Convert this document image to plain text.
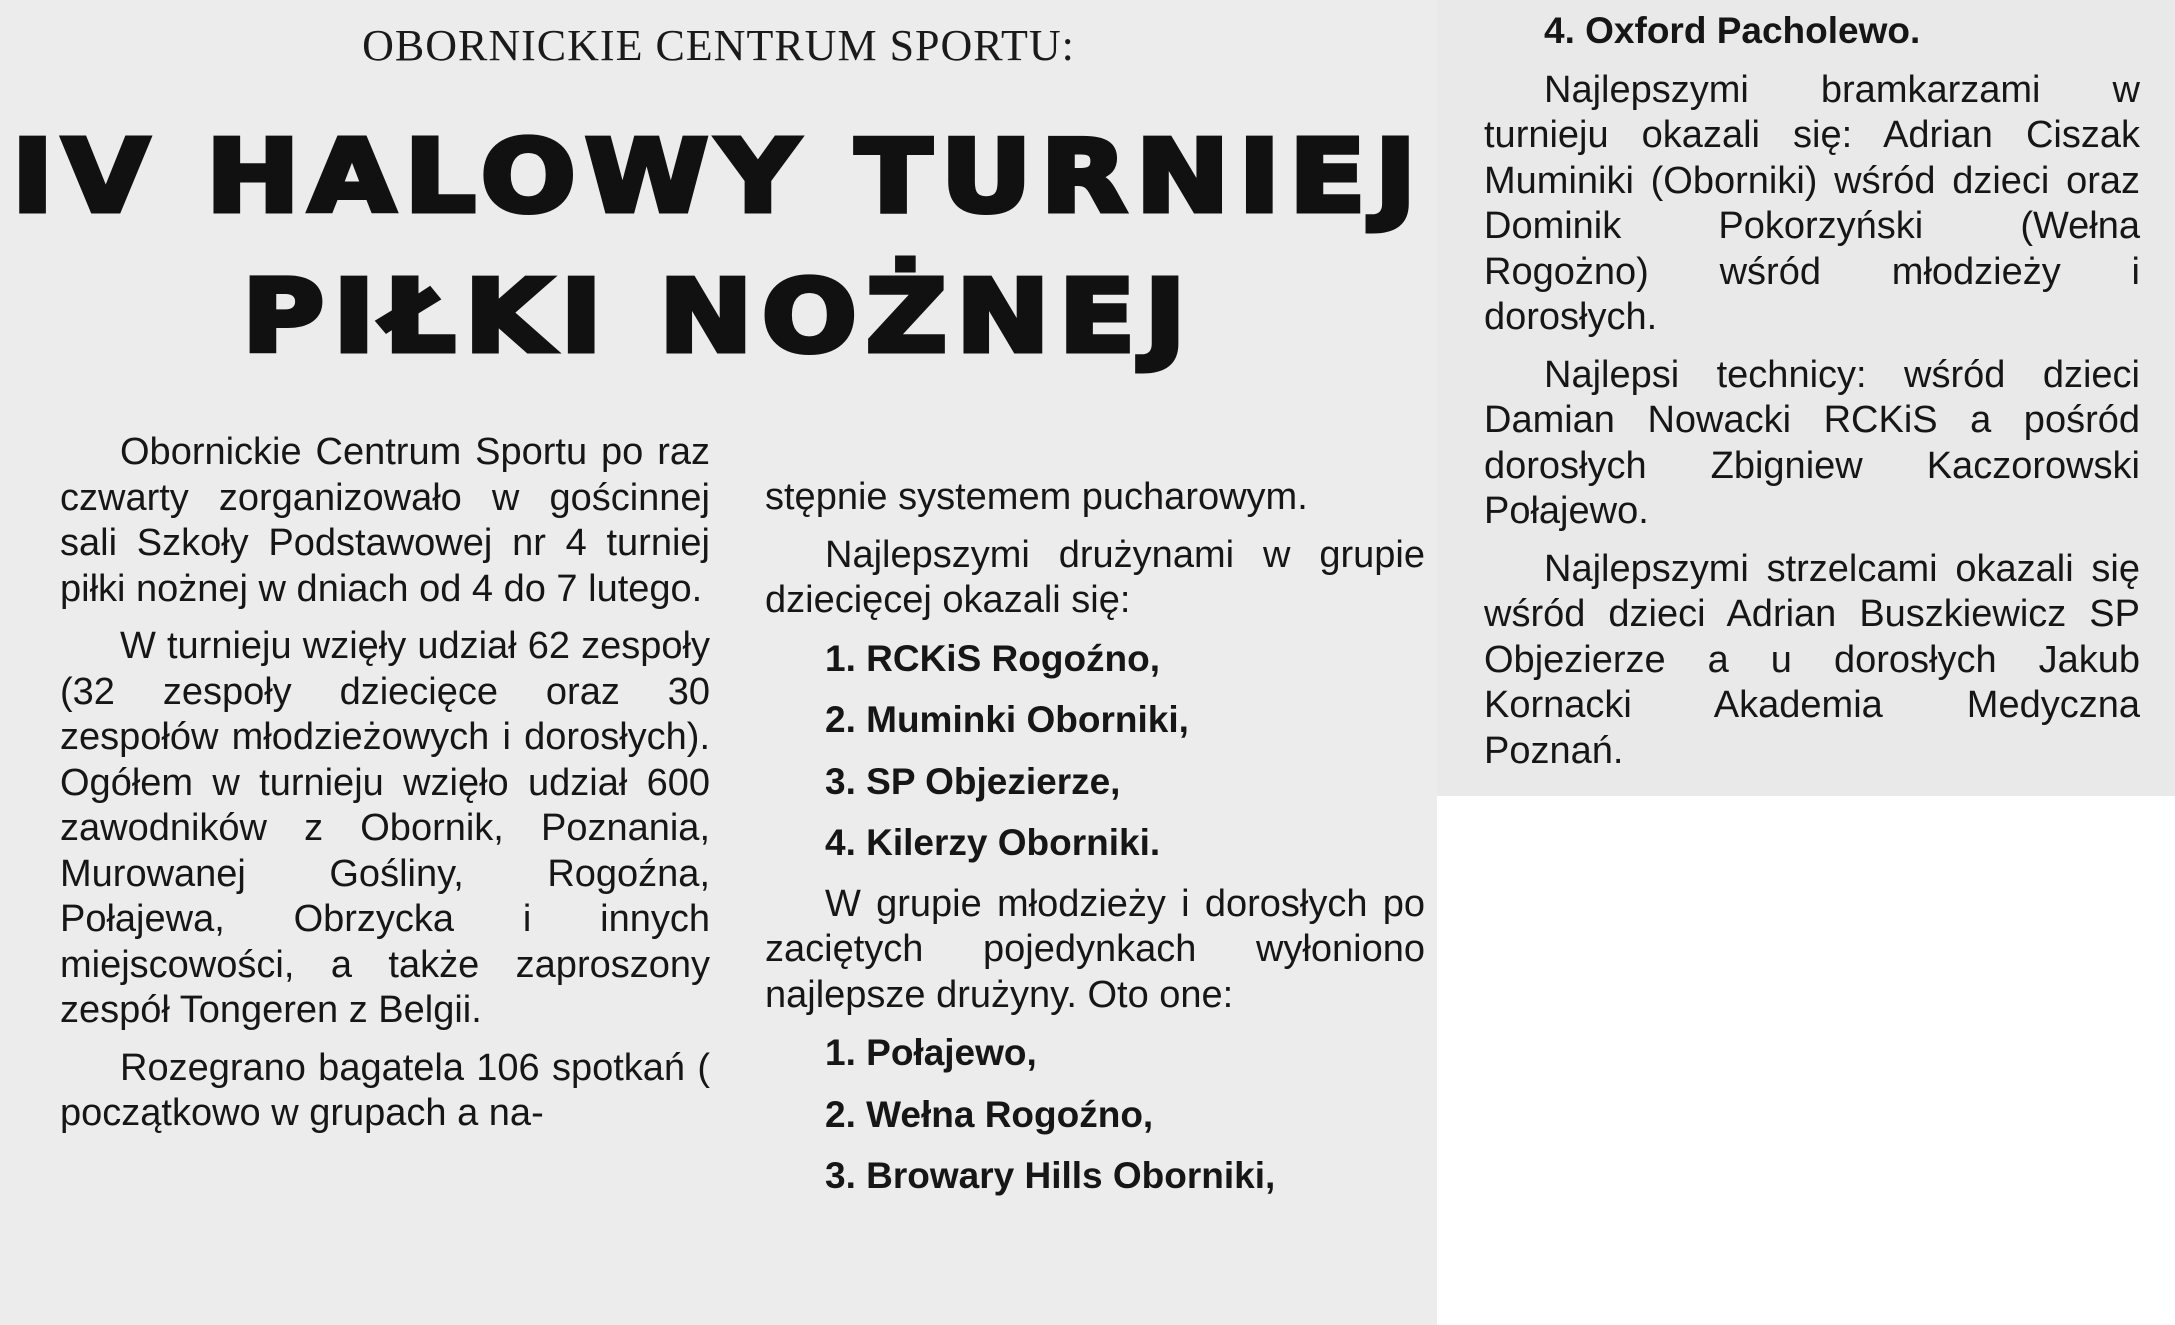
OBORNICKIE CENTRUM SPORTU:
IV HALOWY TURNIEJ
PIŁKI NOŻNEJ

Obornickie Centrum Sportu po raz czwarty zorganizowało w gościnnej sali Szkoły Podstawowej nr 4 turniej piłki nożnej w dniach od 4 do 7 lutego.

W turnieju wzięły udział 62 zespoły (32 zespoły dziecięce oraz 30 zespołów młodzieżowych i dorosłych). Ogółem w turnieju wzięło udział 600 zawodników z Obornik, Poznania, Murowanej Gośliny, Rogoźna, Połajewa, Obrzycka i innych miejscowości, a także zaproszony zespół Tongeren z Belgii.

Rozegrano bagatela 106 spotkań ( początkowo w grupach a na-

stępnie systemem pucharowym.

Najlepszymi drużynami w grupie dziecięcej okazali się:

1. RCKiS Rogoźno,
2. Muminki Oborniki,
3. SP Objezierze,
4. Kilerzy Oborniki.

W grupie młodzieży i dorosłych po zaciętych pojedynkach wyłoniono najlepsze drużyny. Oto one:

1. Połajewo,
2. Wełna Rogoźno,
3. Browary Hills Oborniki,
4. Oxford Pacholewo.

Najlepszymi bramkarzami w turnieju okazali się: Adrian Ciszak Muminiki (Oborniki) wśród dzieci oraz Dominik Pokorzyński (Wełna Rogożno) wśród młodzieży i dorosłych.

Najlepsi technicy: wśród dzieci Damian Nowacki RCKiS a pośród dorosłych Zbigniew Kaczorowski Połajewo.

Najlepszymi strzelcami okazali się wśród dzieci Adrian Buszkiewicz SP Objezierze a u dorosłych Jakub Kornacki Akademia Medyczna Poznań.
